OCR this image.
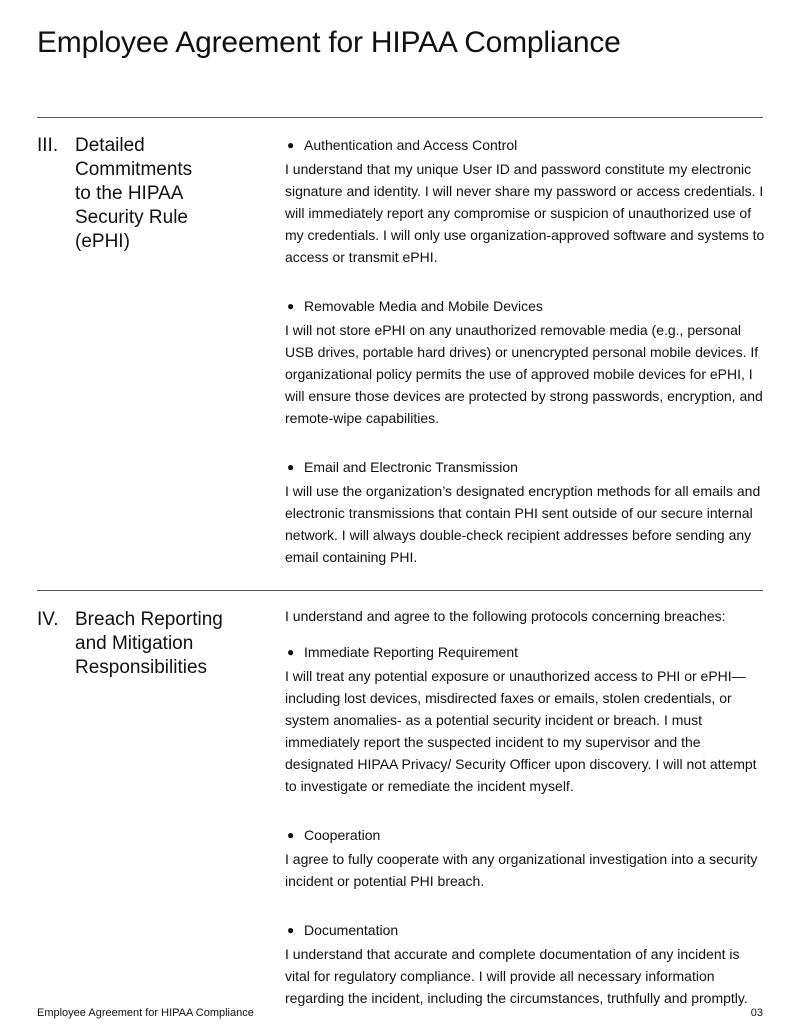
Employee Agreement for HIPAA Compliance
III. Detailed Commitments to the HIPAA Security Rule (ePHI)
● Authentication and Access Control

I understand that my unique User ID and password constitute my electronic signature and identity. I will never share my password or access credentials. I will immediately report any compromise or suspicion of unauthorized use of my credentials. I will only use organization-approved software and systems to access or transmit ePHI.

● Removable Media and Mobile Devices

I will not store ePHI on any unauthorized removable media (e.g., personal USB drives, portable hard drives) or unencrypted personal mobile devices. If organizational policy permits the use of approved mobile devices for ePHI, I will ensure those devices are protected by strong passwords, encryption, and remote-wipe capabilities.

● Email and Electronic Transmission

I will use the organization’s designated encryption methods for all emails and electronic transmissions that contain PHI sent outside of our secure internal network. I will always double-check recipient addresses before sending any email containing PHI.

IV. Breach Reporting and Mitigation Responsibilities

I understand and agree to the following protocols concerning breaches:

● Immediate Reporting Requirement

I will treat any potential exposure or unauthorized access to PHI or ePHI—including lost devices, misdirected faxes or emails, stolen credentials, or system anomalies- as a potential security incident or breach. I must immediately report the suspected incident to my supervisor and the designated HIPAA Privacy/ Security Officer upon discovery. I will not attempt to investigate or remediate the incident myself.

● Cooperation

I agree to fully cooperate with any organizational investigation into a security incident or potential PHI breach.

● Documentation

I understand that accurate and complete documentation of any incident is vital for regulatory compliance. I will provide all necessary information regarding the incident, including the circumstances, truthfully and promptly.

Employee Agreement for HIPAA Compliance	03
